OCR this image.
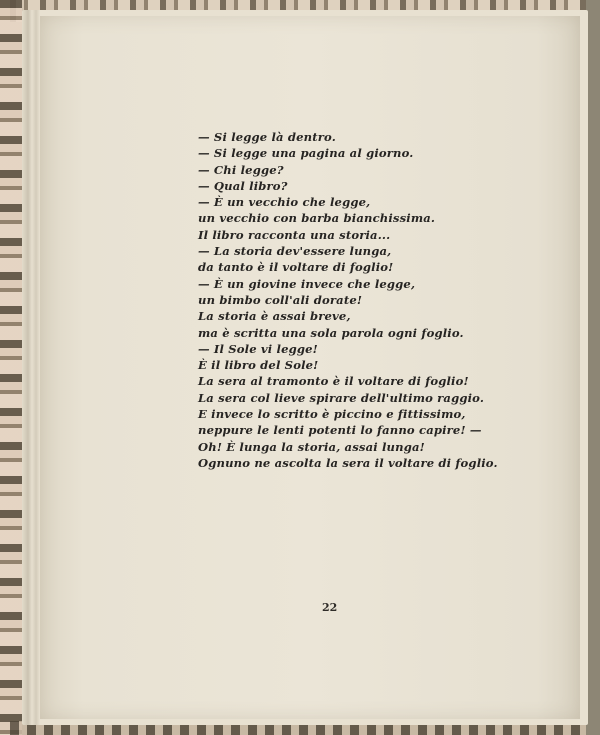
— Si legge là dentro.
— Si legge una pagina al giorno.
— Chi legge?
— Qual libro?
— È un vecchio che legge,
un vecchio con barba bianchissima.
Il libro racconta una storia...
— La storia dev'essere lunga,
da tanto è il voltare di foglio!
— È un giovine invece che legge,
un bimbo coll'ali dorate!
La storia è assai breve,
ma è scritta una sola parola ogni foglio.
— Il Sole vi legge!
È il libro del Sole!
La sera al tramonto è il voltare di foglio!
La sera col lieve spirare dell'ultimo raggio.
E invece lo scritto è piccino e fittissimo,
neppure le lenti potenti lo fanno capire! —
Oh! È lunga la storia, assai lunga!
Ognuno ne ascolta la sera il voltare di foglio.
22
